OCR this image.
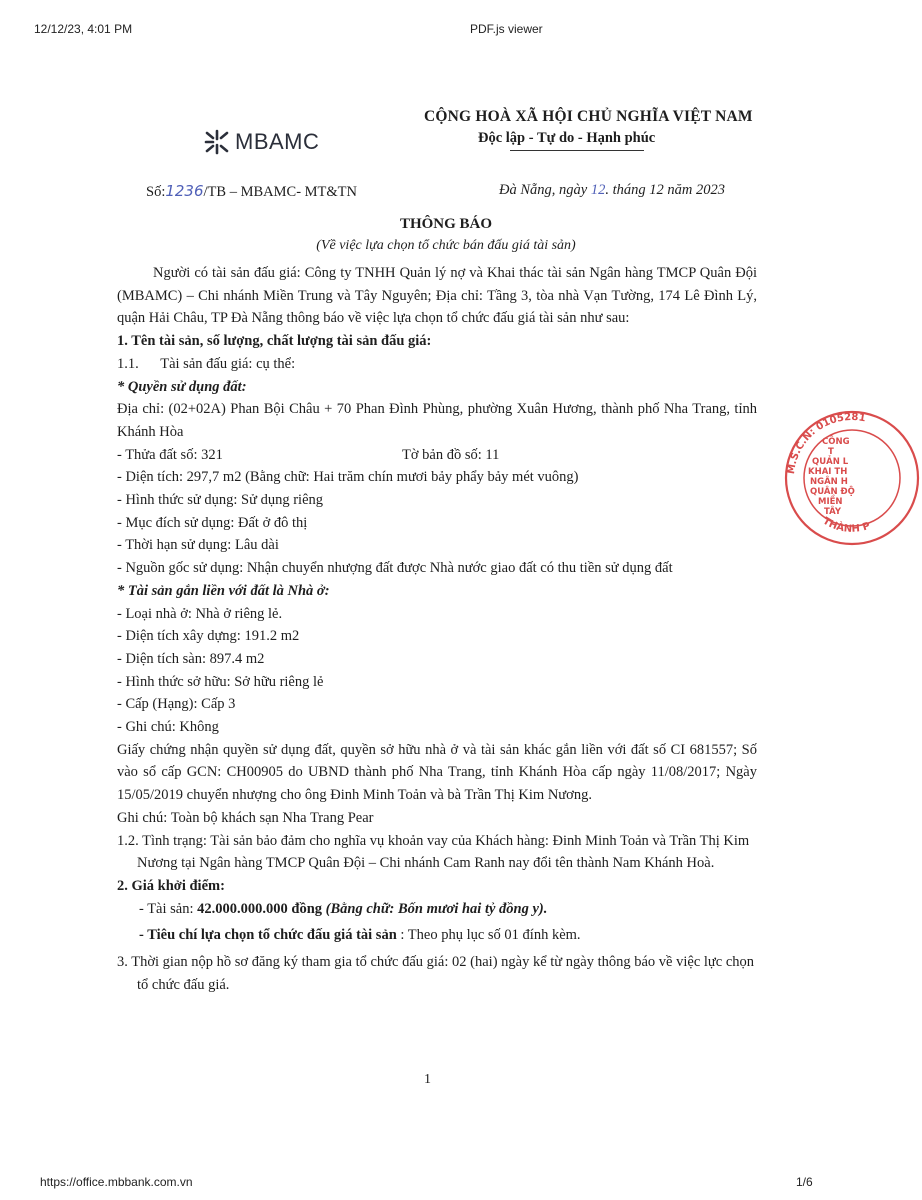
12/12/23, 4:01 PM	PDF.js viewer
MBAMC
CỘNG HOÀ XÃ HỘI CHỦ NGHĨA VIỆT NAM
Độc lập - Tự do - Hạnh phúc
Số:1236/TB – MBAMC- MT&TN	Đà Nẵng, ngày 12. tháng 12 năm 2023
THÔNG BÁO
(Về việc lựa chọn tổ chức bán đấu giá tài sản)

Người có tài sản đấu giá: Công ty TNHH Quản lý nợ và Khai thác tài sản Ngân hàng TMCP Quân Đội (MBAMC) – Chi nhánh Miền Trung và Tây Nguyên; Địa chỉ: Tầng 3, tòa nhà Vạn Tường, 174 Lê Đình Lý, quận Hải Châu, TP Đà Nẵng thông báo về việc lựa chọn tổ chức đấu giá tài sản như sau:

1. Tên tài sản, số lượng, chất lượng tài sản đấu giá:

1.1.      Tài sản đấu giá: cụ thể:

* Quyền sử dụng đất:

Địa chỉ: (02+02A) Phan Bội Châu + 70 Phan Đình Phùng, phường Xuân Hương, thành phố Nha Trang, tỉnh Khánh Hòa

- Thửa đất số: 321	Tờ bản đồ số: 11

- Diện tích: 297,7 m2 (Bằng chữ: Hai trăm chín mươi bảy phẩy bảy mét vuông)

- Hình thức sử dụng: Sử dụng riêng

- Mục đích sử dụng: Đất ở đô thị

- Thời hạn sử dụng: Lâu dài

- Nguồn gốc sử dụng: Nhận chuyển nhượng đất được Nhà nước giao đất có thu tiền sử dụng đất

* Tài sản gắn liền với đất là Nhà ở:

- Loại nhà ở: Nhà ở riêng lẻ.

- Diện tích xây dựng: 191.2 m2

- Diện tích sàn: 897.4 m2

- Hình thức sở hữu: Sở hữu riêng lẻ

- Cấp (Hạng): Cấp 3

- Ghi chú: Không

Giấy chứng nhận quyền sử dụng đất, quyền sở hữu nhà ở và tài sản khác gắn liền với đất số CI 681557; Số vào sổ cấp GCN: CH00905 do UBND thành phố Nha Trang, tỉnh Khánh Hòa cấp ngày 11/08/2017; Ngày 15/05/2019 chuyển nhượng cho ông Đinh Minh Toản và bà Trần Thị Kim Nương.

Ghi chú: Toàn bộ khách sạn Nha Trang Pear

1.2. Tình trạng: Tài sản bảo đảm cho nghĩa vụ khoản vay của Khách hàng: Đinh Minh Toản và Trần Thị Kim Nương tại Ngân hàng TMCP Quân Đội – Chi nhánh Cam Ranh nay đổi tên thành Nam Khánh Hoà.

2. Giá khởi điểm:

- Tài sản: 42.000.000.000 đồng (Bằng chữ: Bốn mươi hai tỷ đồng y).

- Tiêu chí lựa chọn tổ chức đấu giá tài sản : Theo phụ lục số 01 đính kèm.

3. Thời gian nộp hồ sơ đăng ký tham gia tổ chức đấu giá: 02 (hai) ngày kể từ ngày thông báo về việc lực chọn tổ chức đấu giá.

1
M.S.C.N: 0105281
THÀNH P
CÔNG
T
QUẢN L
KHAI TH
NGÂN H
QUÂN ĐỘ
MIỀN
TÂY
https://office.mbbank.com.vn	1/6
